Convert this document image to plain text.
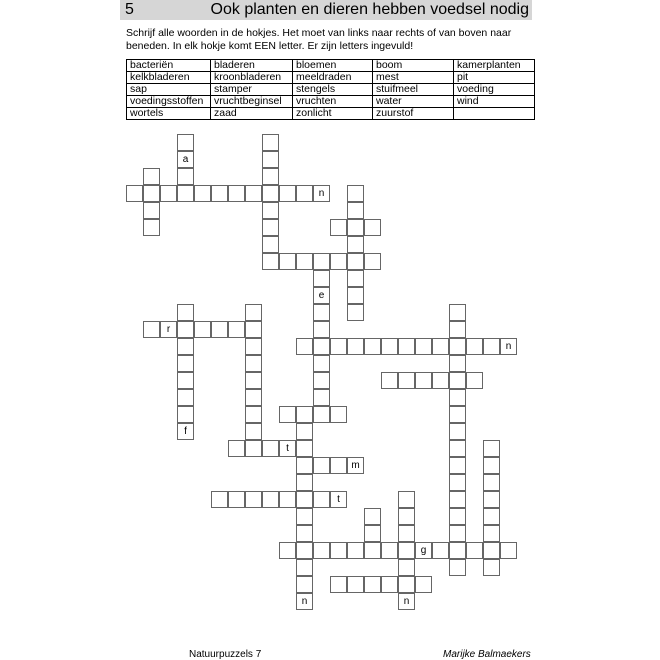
5	Ook planten en dieren hebben voedsel nodig

Schrijf alle woorden in de hokjes. Het moet van links naar rechts of van boven naar beneden. In elk hokje komt EEN letter. Er zijn letters ingevuld!

bacteriën	bladeren	bloemen	boom	kamerplanten
kelkbladeren	kroonbladeren	meeldraden	mest	pit
sap	stamper	stengels	stuifmeel	voeding
voedingsstoffen	vruchtbeginsel	vruchten	water	wind
wortels	zaad	zonlicht	zuurstof	
n
r
n
t
m
t
g
a
e
f
n	n
Natuurpuzzels 7	Marijke Balmaekers
